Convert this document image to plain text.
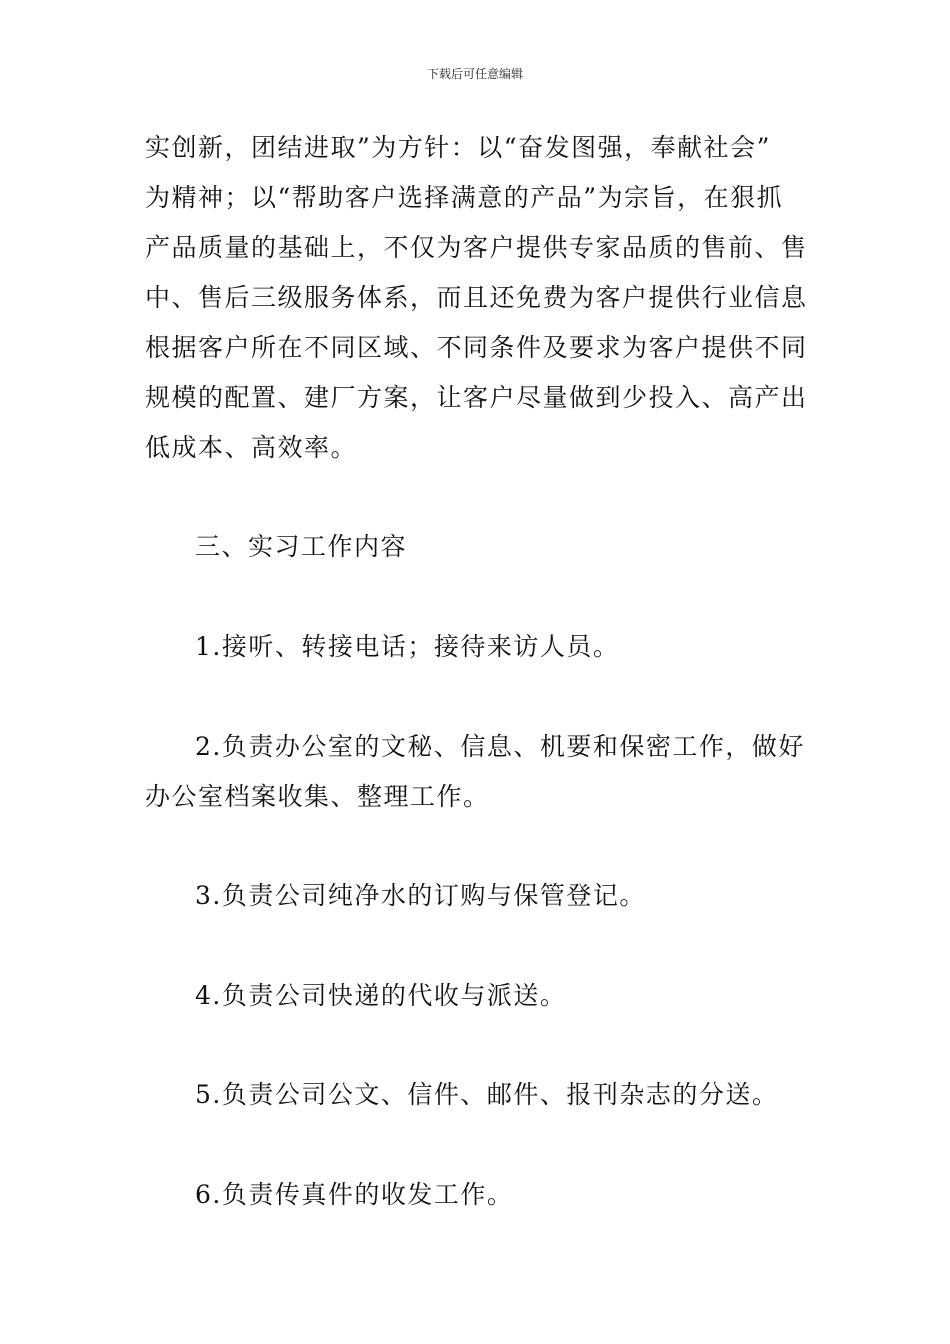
下载后可任意编辑
实创新，团结进取”为方针：以“奋发图强，奉献社会”
为精神；以“帮助客户选择满意的产品”为宗旨，在狠抓
产品质量的基础上，不仅为客户提供专家品质的售前、售
中、售后三级服务体系，而且还免费为客户提供行业信息
根据客户所在不同区域、不同条件及要求为客户提供不同
规模的配置、建厂方案，让客户尽量做到少投入、高产出
低成本、高效率。
三、实习工作内容
1.接听、转接电话；接待来访人员。
2.负责办公室的文秘、信息、机要和保密工作，做好
办公室档案收集、整理工作。
3.负责公司纯净水的订购与保管登记。
4.负责公司快递的代收与派送。
5.负责公司公文、信件、邮件、报刊杂志的分送。
6.负责传真件的收发工作。
